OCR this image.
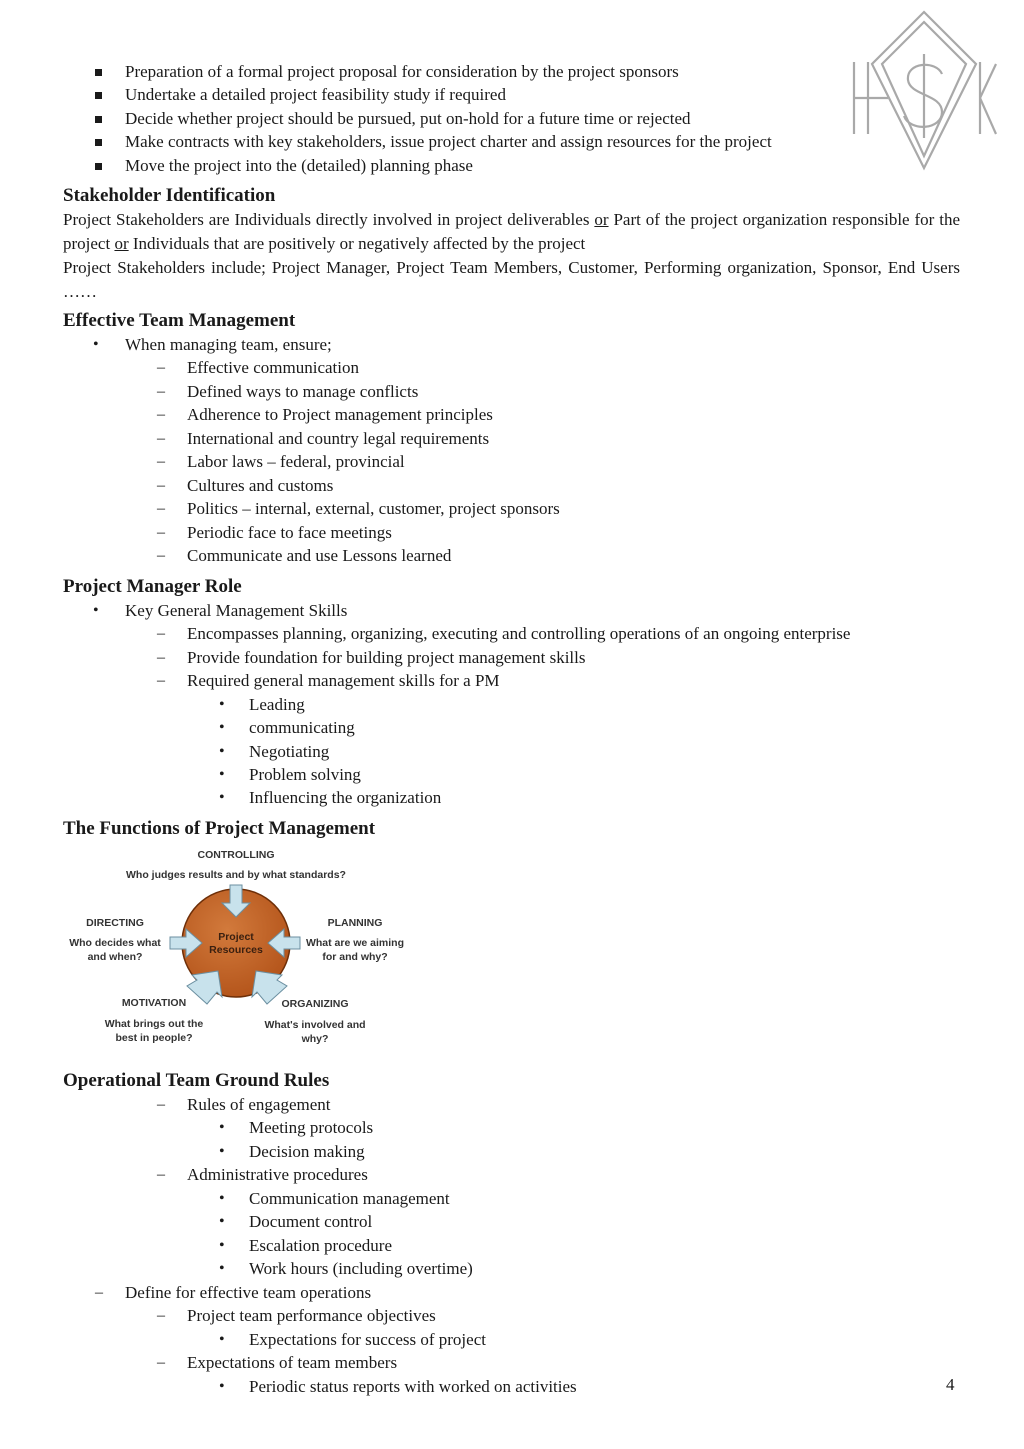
Preparation of a formal project proposal for consideration by the project sponsors
Undertake a detailed project feasibility study if required
Decide whether project should be pursued, put on-hold for a future time or rejected
Make contracts with key stakeholders, issue project charter and assign resources for the project
Move the project into the (detailed) planning phase
Stakeholder Identification
Project Stakeholders are Individuals directly involved in project deliverables or Part of the project organization responsible for the project or Individuals that are positively or negatively affected by the project
Project Stakeholders include; Project Manager, Project Team Members, Customer, Performing organization, Sponsor, End Users ……
Effective Team Management
• When managing team, ensure;
– Effective communication
– Defined ways to manage conflicts
– Adherence to Project management principles
– International and country legal requirements
– Labor laws – federal, provincial
– Cultures and customs
– Politics – internal, external, customer, project sponsors
– Periodic face to face meetings
– Communicate and use Lessons learned
Project Manager Role
• Key General Management Skills
– Encompasses planning, organizing, executing and controlling operations of an ongoing enterprise
– Provide foundation for building project management skills
– Required general management skills for a PM
• Leading
• communicating
• Negotiating
• Problem solving
• Influencing the organization
The Functions of Project Management
Project
Resources
CONTROLLING
Who judges results and by what standards?
DIRECTING
Who decides what
and when?
PLANNING
What are we aiming
for and why?
MOTIVATION
What brings out the
best in people?
ORGANIZING
What's involved and
why?
Operational Team Ground Rules
– Rules of engagement
• Meeting protocols
• Decision making
– Administrative procedures
• Communication management
• Document control
• Escalation procedure
• Work hours (including overtime)
– Define for effective team operations
– Project team performance objectives
• Expectations for success of project
– Expectations of team members
• Periodic status reports with worked on activities	4
